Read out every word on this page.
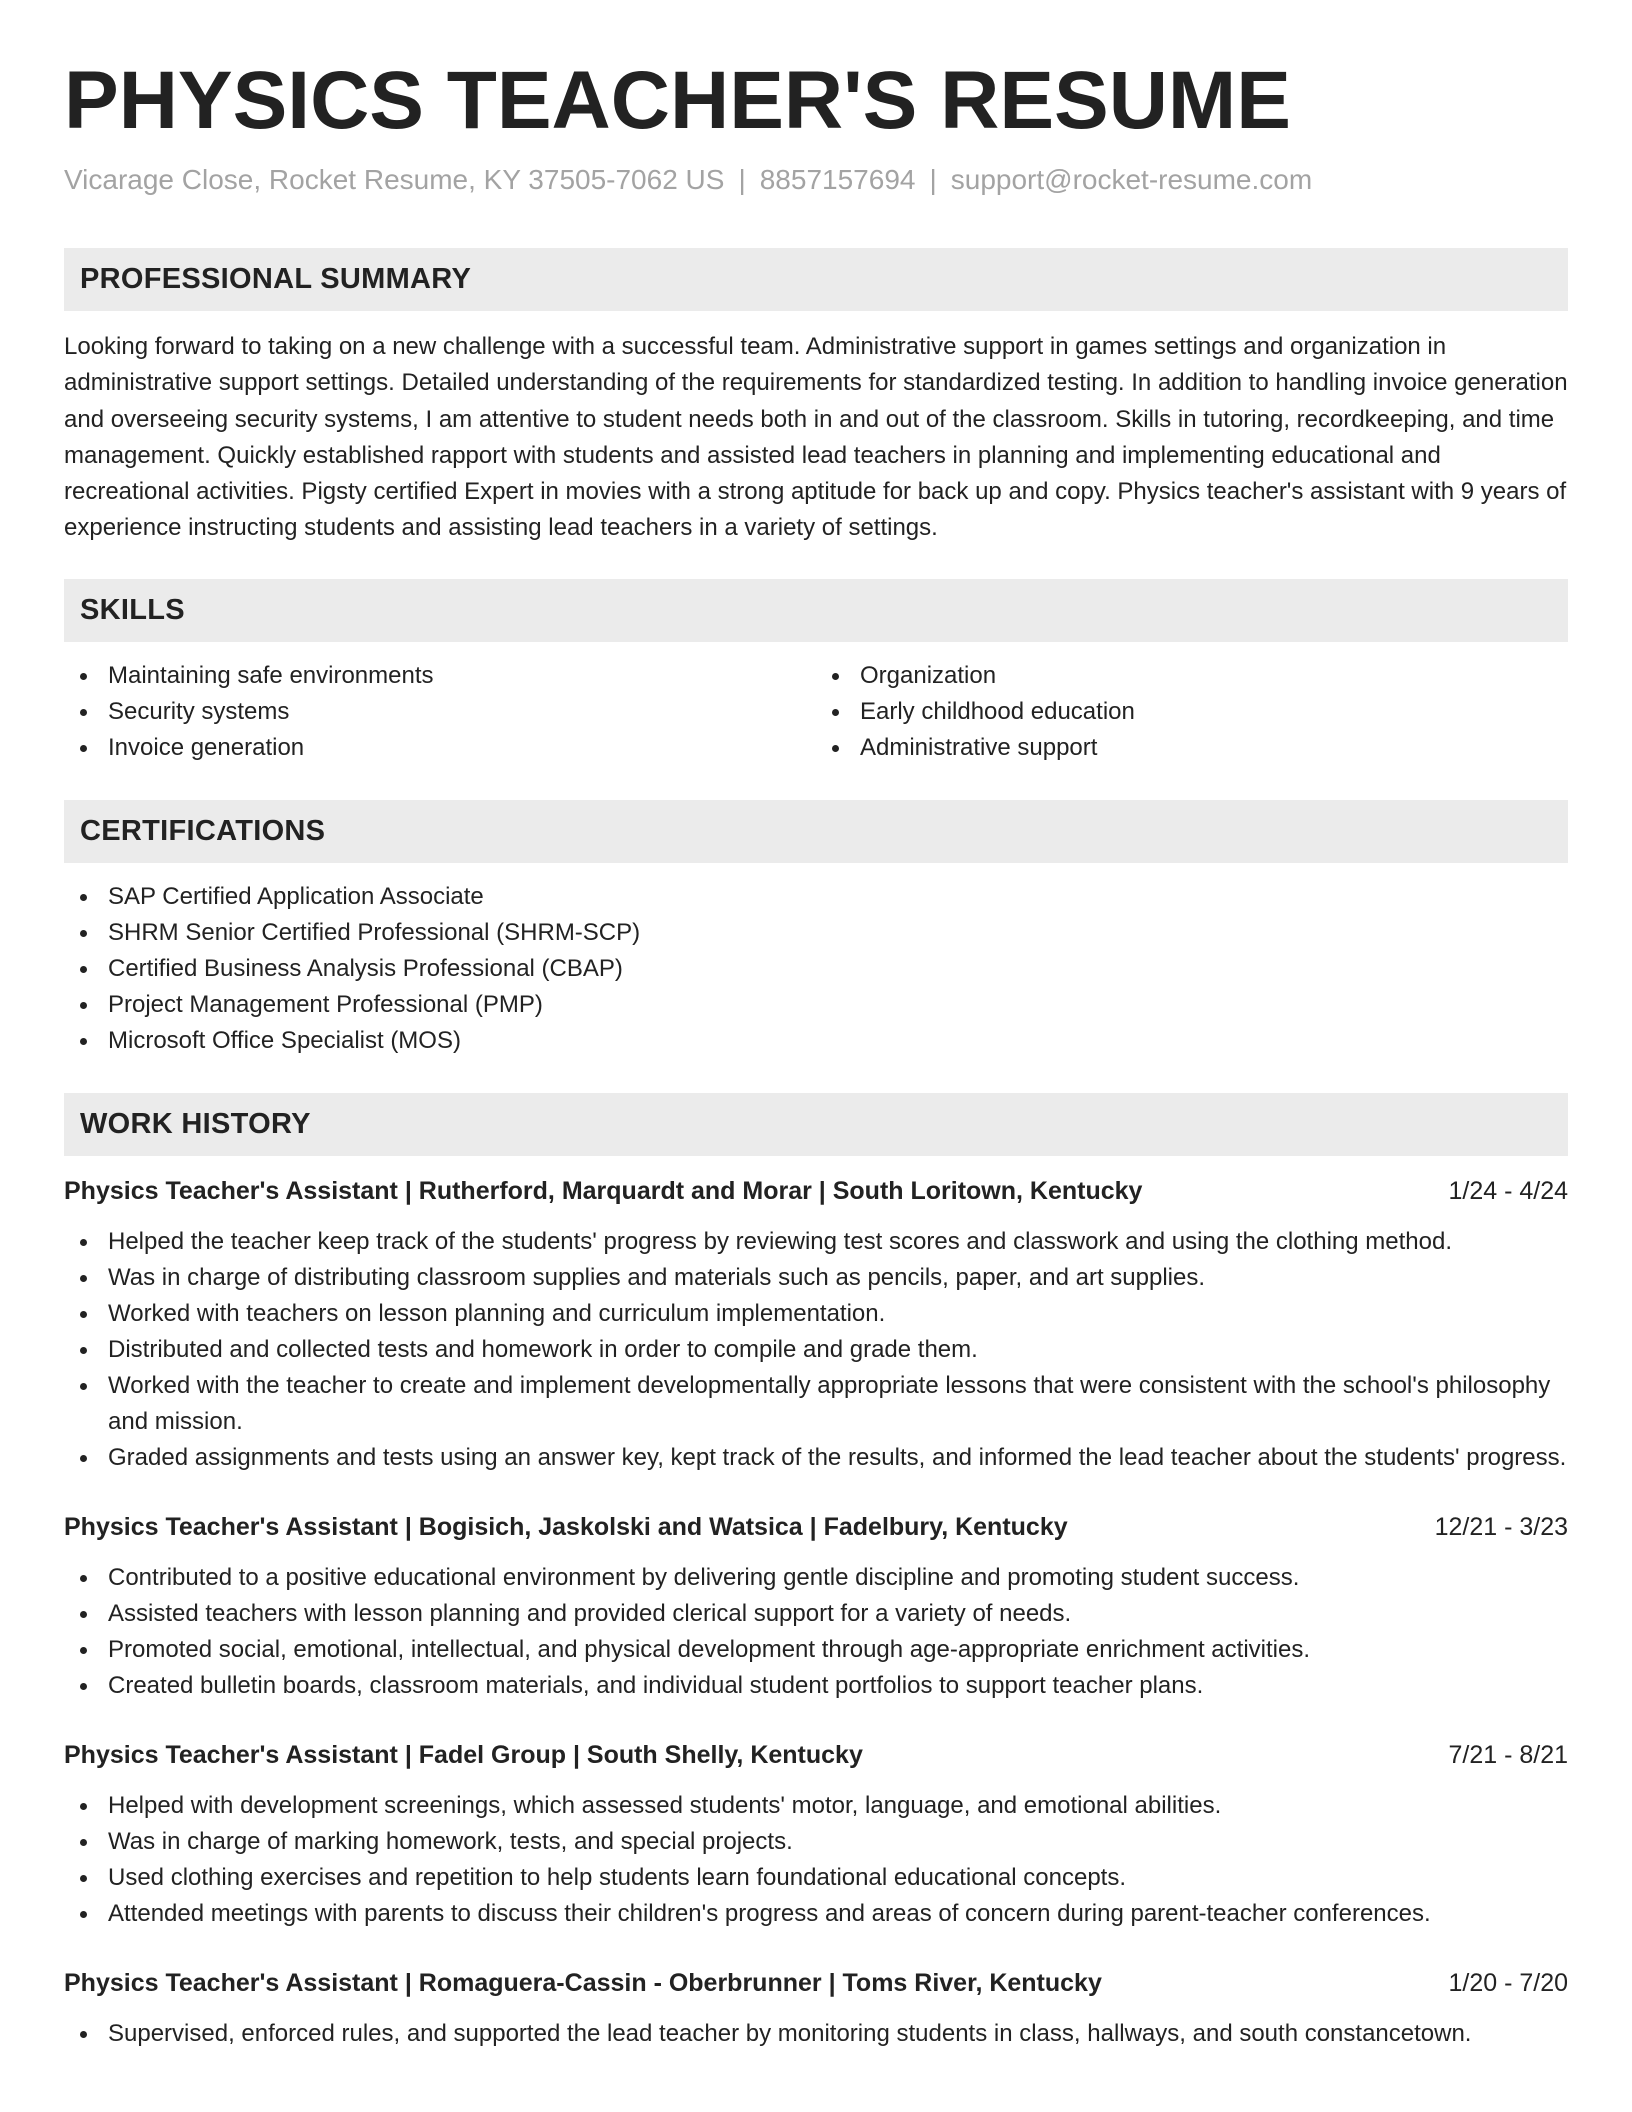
PHYSICS TEACHER'S RESUME
Vicarage Close, Rocket Resume, KY 37505-7062 US | 8857157694 | support@rocket-resume.com
PROFESSIONAL SUMMARY

Looking forward to taking on a new challenge with a successful team. Administrative support in games settings and organization in administrative support settings. Detailed understanding of the requirements for standardized testing. In addition to handling invoice generation and overseeing security systems, I am attentive to student needs both in and out of the classroom. Skills in tutoring, recordkeeping, and time management. Quickly established rapport with students and assisted lead teachers in planning and implementing educational and recreational activities. Pigsty certified Expert in movies with a strong aptitude for back up and copy. Physics teacher's assistant with 9 years of experience instructing students and assisting lead teachers in a variety of settings.

SKILLS
Maintaining safe environments
Security systems
Invoice generation
Organization
Early childhood education
Administrative support
CERTIFICATIONS
SAP Certified Application Associate
SHRM Senior Certified Professional (SHRM-SCP)
Certified Business Analysis Professional (CBAP)
Project Management Professional (PMP)
Microsoft Office Specialist (MOS)
WORK HISTORY
Physics Teacher's Assistant | Rutherford, Marquardt and Morar | South Loritown, Kentucky	1/24 - 4/24
Helped the teacher keep track of the students' progress by reviewing test scores and classwork and using the clothing method.
Was in charge of distributing classroom supplies and materials such as pencils, paper, and art supplies.
Worked with teachers on lesson planning and curriculum implementation.
Distributed and collected tests and homework in order to compile and grade them.
Worked with the teacher to create and implement developmentally appropriate lessons that were consistent with the school's philosophy and mission.
Graded assignments and tests using an answer key, kept track of the results, and informed the lead teacher about the students' progress.
Physics Teacher's Assistant | Bogisich, Jaskolski and Watsica | Fadelbury, Kentucky	12/21 - 3/23
Contributed to a positive educational environment by delivering gentle discipline and promoting student success.
Assisted teachers with lesson planning and provided clerical support for a variety of needs.
Promoted social, emotional, intellectual, and physical development through age-appropriate enrichment activities.
Created bulletin boards, classroom materials, and individual student portfolios to support teacher plans.
Physics Teacher's Assistant | Fadel Group | South Shelly, Kentucky	7/21 - 8/21
Helped with development screenings, which assessed students' motor, language, and emotional abilities.
Was in charge of marking homework, tests, and special projects.
Used clothing exercises and repetition to help students learn foundational educational concepts.
Attended meetings with parents to discuss their children's progress and areas of concern during parent-teacher conferences.
Physics Teacher's Assistant | Romaguera-Cassin - Oberbrunner | Toms River, Kentucky	1/20 - 7/20
Supervised, enforced rules, and supported the lead teacher by monitoring students in class, hallways, and south constancetown.
